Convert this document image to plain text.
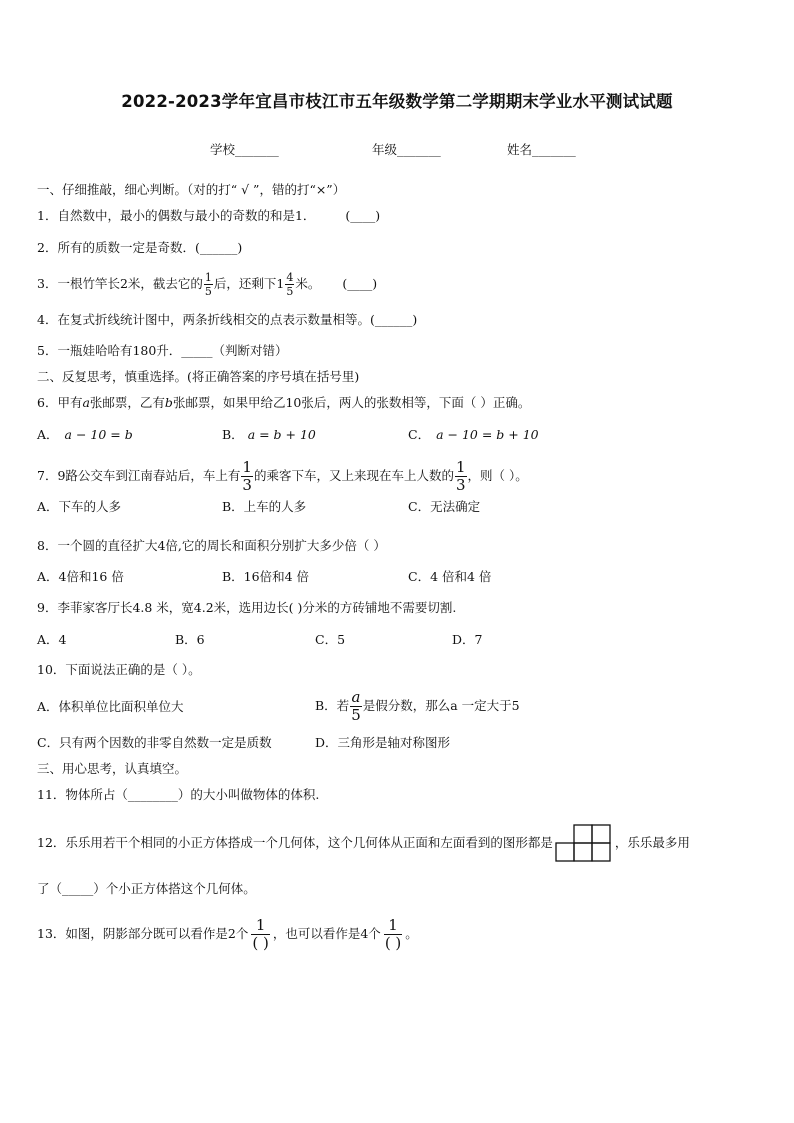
2022-2023学年宜昌市枝江市五年级数学第二学期期末学业水平测试试题
学校_______	年级_______	姓名_______
一、仔细推敲，细心判断。（对的打“ √ ”，错的打“×”）
1．自然数中，最小的偶数与最小的奇数的和是1． (____)
2．所有的质数一定是奇数．(______)
3．一根竹竿长2米，截去它的 $\frac{1}{5}$ 后，还剩下$1 \frac{4}{5}$ 米。 (____)
4．在复式折线统计图中，两条折线相交的点表示数量相等。(______)
5．一瓶娃哈哈有180升．_____（判断对错）
二、反复思考，慎重选择。(将正确答案的序号填在括号里)
6．甲有a张邮票，乙有b张邮票，如果甲给乙10张后，两人的张数相等，下面（ ）正确。
A． a − 10 = b	B． a = b + 10	C． a − 10 = b + 10
7．9路公交车到江南春站后，车上有 $\frac{1}{3}$ 的乘客下车，又上来现在车上人数的 $\frac{1}{3}$ ，则（ ）。
A．下车的人多	B．上车的人多	C．无法确定
8．一个圆的直径扩大4倍,它的周长和面积分别扩大多少倍（ ）
A．4倍和16 倍	B．16倍和4 倍	C．4 倍和4 倍
9．李菲家客厅长4.8 米，宽4.2米，选用边长( )分米的方砖铺地不需要切割.
A．4	B．6	C．5	D．7
10．下面说法正确的是（ ）。
A．体积单位比面积单位大	B．若 $\frac{a}{5}$ 是假分数，那么a 一定大于5
C．只有两个因数的非零自然数一定是质数	D．三角形是轴对称图形
三、用心思考，认真填空。
11．物体所占（________）的大小叫做物体的体积.
12．乐乐用若干个相同的小正方体搭成一个几何体，这个几何体从正面和左面看到的图形都是	，乐乐最多用
了（_____）个小正方体搭这个几何体。
13．如图，阴影部分既可以看作是2个 $\frac{1}{( )}$ ，也可以看作是4个 $\frac{1}{( )}$ 。
